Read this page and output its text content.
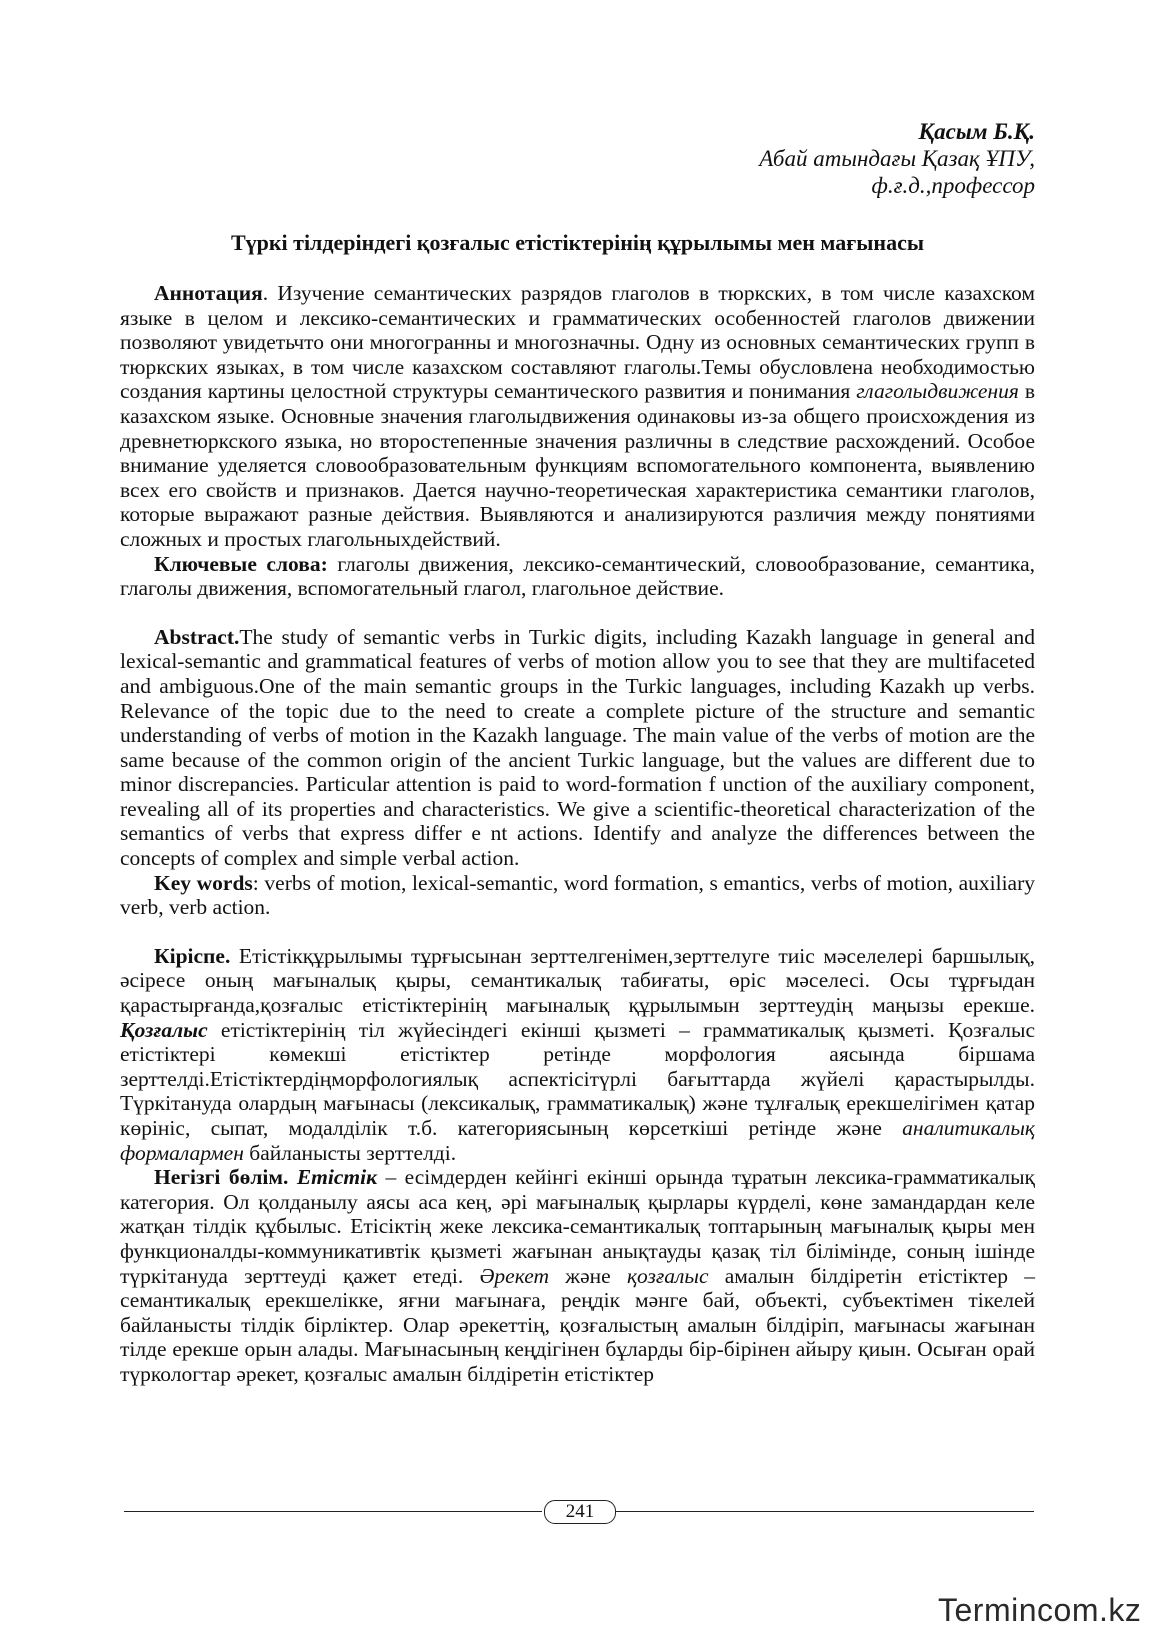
Қасым Б.Қ.
Абай атындағы Қазақ ҰПУ,
ф.ғ.д.,профессор
Түркі тілдеріндегі қозғалыс етістіктерінің құрылымы мен мағынасы

Аннотация. Изучение семантических разрядов глаголов в тюркских, в том числе казахском языке в целом и лексико-семантических и грамматических особенностей глаголов движении позволяют увидетьчто они многогранны и многозначны. Одну из основных семантических групп в тюркских языках, в том числе казахском составляют глаголы.Темы обусловлена необходимостью создания картины целостной структуры семантического развития и понимания глаголыдвижения в казахском языке. Основные значения глаголыдвижения одинаковы из-за общего происхождения из древнетюркского языка, но второстепенные значения различны в следствие расхождений. Особое внимание уделяется словообразовательным функциям вспомогательного компонента, выявлению всех его свойств и признаков. Дается научно-теоретическая характеристика семантики глаголов, которые выражают разные действия. Выявляются и анализируются различия между понятиями сложных и простых глагольныхдействий.

Ключевые слова: глаголы движения, лексико-семантический, словообразование, семантика, глаголы движения, вспомогательный глагол, глагольное действие.

Abstract.The study of semantic verbs in Turkic digits, including Kazakh language in general and lexical-semantic and grammatical features of verbs of motion allow you to see that they are multifaceted and ambiguous.One of the main semantic groups in the Turkic languages, including Kazakh up verbs. Relevance of the topic due to the need to create a complete picture of the structure and semantic understanding of verbs of motion in the Kazakh language. The main value of the verbs of motion are the same because of the common origin of the ancient Turkic language, but the values are different due to minor discrepancies. Particular attention is paid to word-formation f unction of the auxiliary component, revealing all of its properties and characteristics. We give a scientific-theoretical characterization of the semantics of verbs that express differ e nt actions. Identify and analyze the differences between the concepts of complex and simple verbal action.

Key words: verbs of motion, lexical-semantic, word formation, s emantics, verbs of motion, auxiliary verb, verb action.

Кіріспе. Етістікқұрылымы тұрғысынан зерттелгенімен,зерттелуге тиіс мәселелері баршылық, әсіресе оның мағыналық қыры, семантикалық табиғаты, өріс мәселесі. Осы тұрғыдан қарастырғанда,қозғалыс етістіктерінің мағыналық құрылымын зерттеудің маңызы ерекше. Қозғалыс етістіктерінің тіл жүйесіндегі екінші қызметі – грамматикалық қызметі. Қозғалыс етістіктері көмекші етістіктер ретінде морфология аясында біршама зерттелді.Етістіктердіңморфологиялық аспектісітүрлі бағыттарда жүйелі қарастырылды. Түркітануда олардың мағынасы (лексикалық, грамматикалық) және тұлғалық ерекшелігімен қатар көрініс, сыпат, модалділік т.б. категориясының көрсеткіші ретінде және аналитикалық формалармен байланысты зерттелді.

Негізгі бөлім. Етістік – есімдерден кейінгі екінші орында тұратын лексика-грамматикалық категория. Ол қолданылу аясы аса кең, әрі мағыналық қырлары күрделі, көне замандардан келе жатқан тілдік құбылыс. Етісіктің жеке лексика-семантикалық топтарының мағыналық қыры мен функционалды-коммуникативтік қызметі жағынан анықтауды қазақ тіл білімінде, соның ішінде түркітануда зерттеуді қажет етеді. Әрекет және қозғалыс амалын білдіретін етістіктер – семантикалық ерекшелікке, яғни мағынаға, реңдік мәнге бай, объекті, субъектімен тікелей байланысты тілдік бірліктер. Олар әрекеттің, қозғалыстың амалын білдіріп, мағынасы жағынан тілде ерекше орын алады. Мағынасының кеңдігінен бұларды бір-бірінен айыру қиын. Осыған орай түркологтар әрекет, қозғалыс амалын білдіретін етістіктер

241
Termincom.kz
